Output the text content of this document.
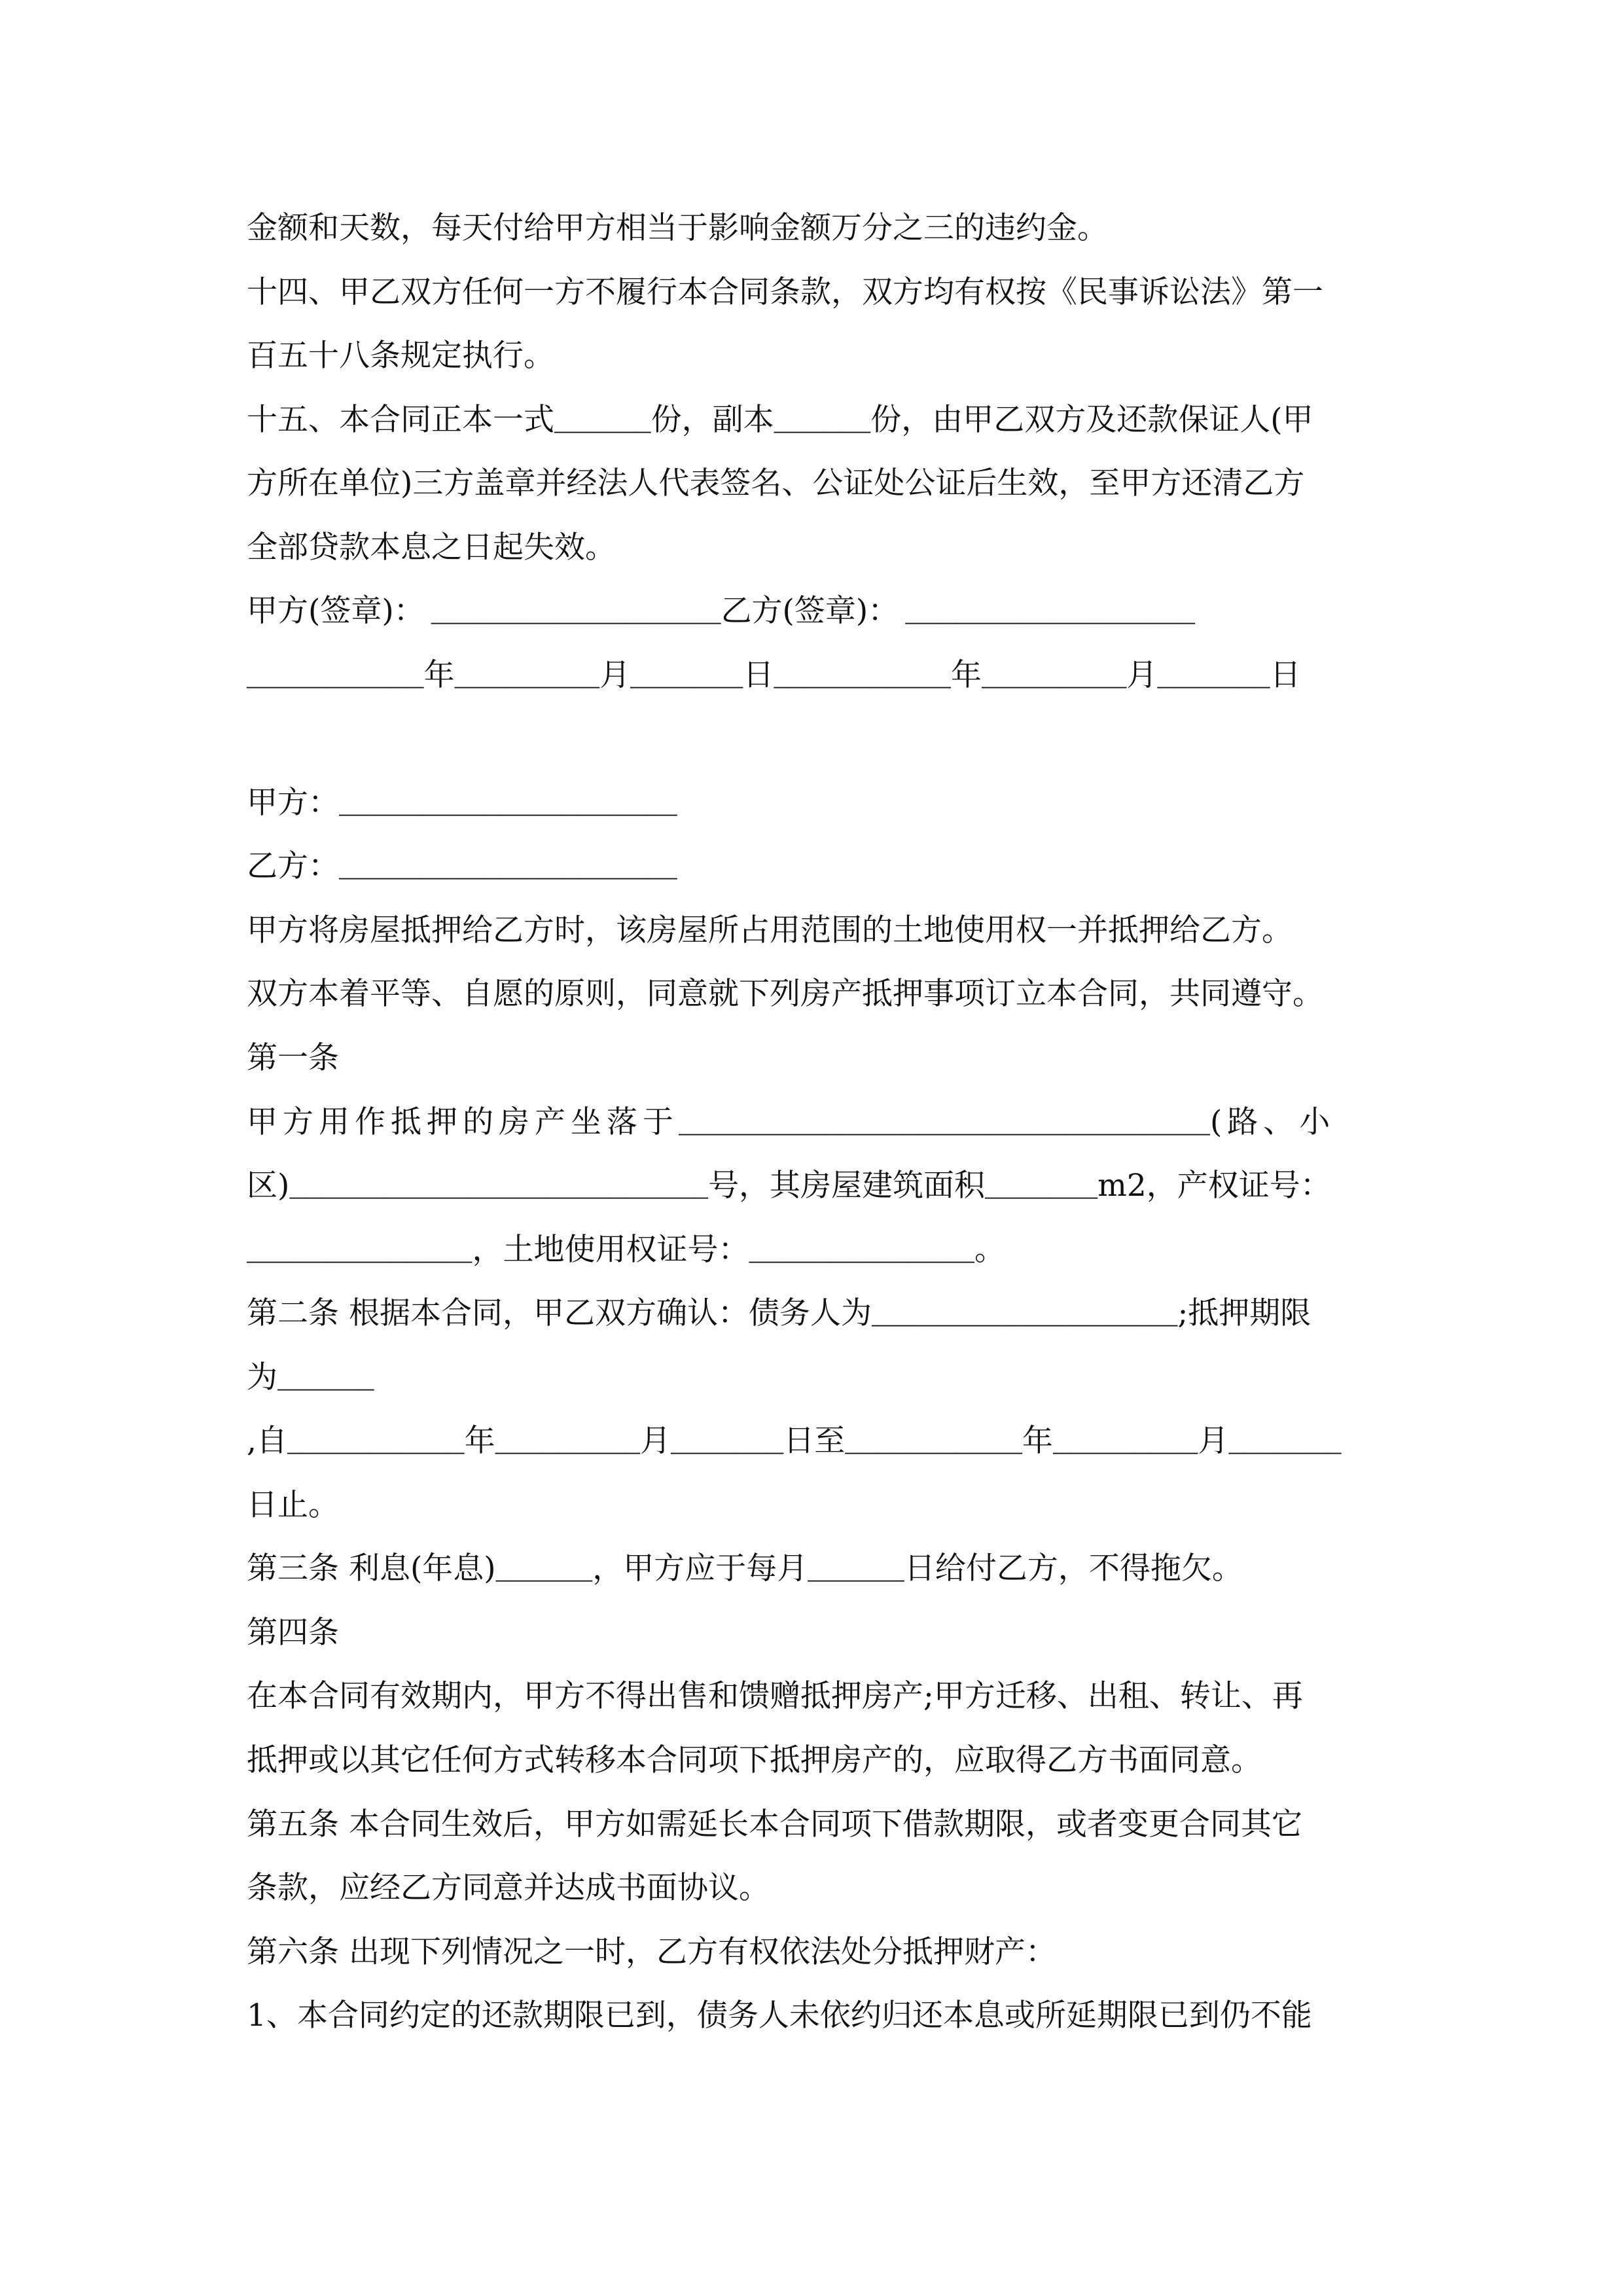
金额和天数，每天付给甲方相当于影响金额万分之三的违约金。
十四、甲乙双方任何一方不履行本合同条款，双方均有权按《民事诉讼法》第一
百五十八条规定执行。
十五、本合同正本一式______份，副本______份，由甲乙双方及还款保证人(甲
方所在单位)三方盖章并经法人代表签名、公证处公证后生效，至甲方还清乙方
全部贷款本息之日起失效。
甲方(签章)： __________________乙方(签章)： __________________
___________年_________月_______日___________年_________月_______日
甲方：_____________________
乙方：_____________________
甲方将房屋抵押给乙方时，该房屋所占用范围的土地使用权一并抵押给乙方。
双方本着平等、自愿的原则，同意就下列房产抵押事项订立本合同，共同遵守。
第一条
甲方用作抵押的房产坐落于_________________________________(路、小
区)__________________________号，其房屋建筑面积_______m2，产权证号：
______________，土地使用权证号：______________。
第二条 根据本合同，甲乙双方确认：债务人为___________________;抵押期限
为______
,自___________年_________月_______日至___________年_________月_______
日止。
第三条 利息(年息)______，甲方应于每月______日给付乙方，不得拖欠。
第四条
在本合同有效期内，甲方不得出售和馈赠抵押房产;甲方迁移、出租、转让、再
抵押或以其它任何方式转移本合同项下抵押房产的，应取得乙方书面同意。
第五条 本合同生效后，甲方如需延长本合同项下借款期限，或者变更合同其它
条款，应经乙方同意并达成书面协议。
第六条 出现下列情况之一时，乙方有权依法处分抵押财产：
1、本合同约定的还款期限已到，债务人未依约归还本息或所延期限已到仍不能
